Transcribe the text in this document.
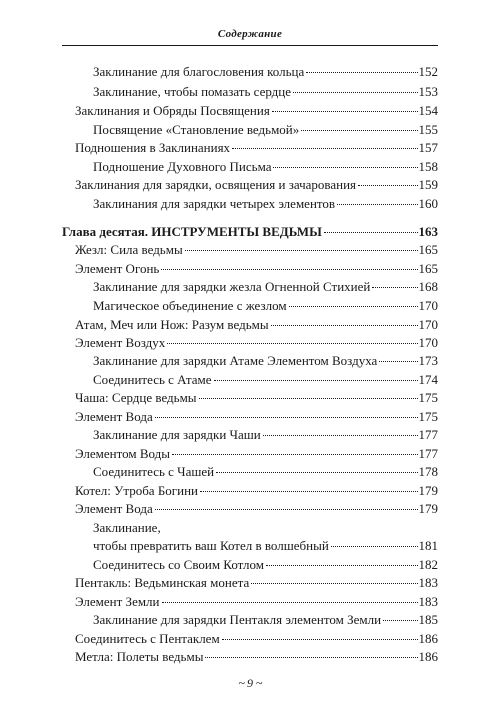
Содержание
Заклинание для благословения кольца	152
Заклинание, чтобы помазать сердце	153
Заклинания и Обряды Посвящения	154
Посвящение «Становление ведьмой»	155
Подношения в Заклинаниях	157
Подношение Духовного Письма	158
Заклинания для зарядки, освящения и зачарования	159
Заклинания для зарядки четырех элементов	160
Глава десятая. ИНСТРУМЕНТЫ ВЕДЬМЫ	163
Жезл: Сила ведьмы	165
Элемент Огонь	165
Заклинание для зарядки жезла Огненной Стихией	168
Магическое объединение с жезлом	170
Атам, Меч или Нож: Разум ведьмы	170
Элемент Воздух	170
Заклинание для зарядки Атаме Элементом Воздуха	173
Соединитесь с Атаме	174
Чаша: Сердце ведьмы	175
Элемент Вода	175
Заклинание для зарядки Чаши	177
Элементом Воды	177
Соединитесь с Чашей	178
Котел: Утроба Богини	179
Элемент Вода	179
Заклинание,
чтобы превратить ваш Котел в волшебный	181
Соединитесь со Своим Котлом	182
Пентакль: Ведьминская монета	183
Элемент Земли	183
Заклинание для зарядки Пентакля элементом Земли	185
Соединитесь с Пентаклем	186
Метла: Полеты ведьмы	186
~ 9 ~
